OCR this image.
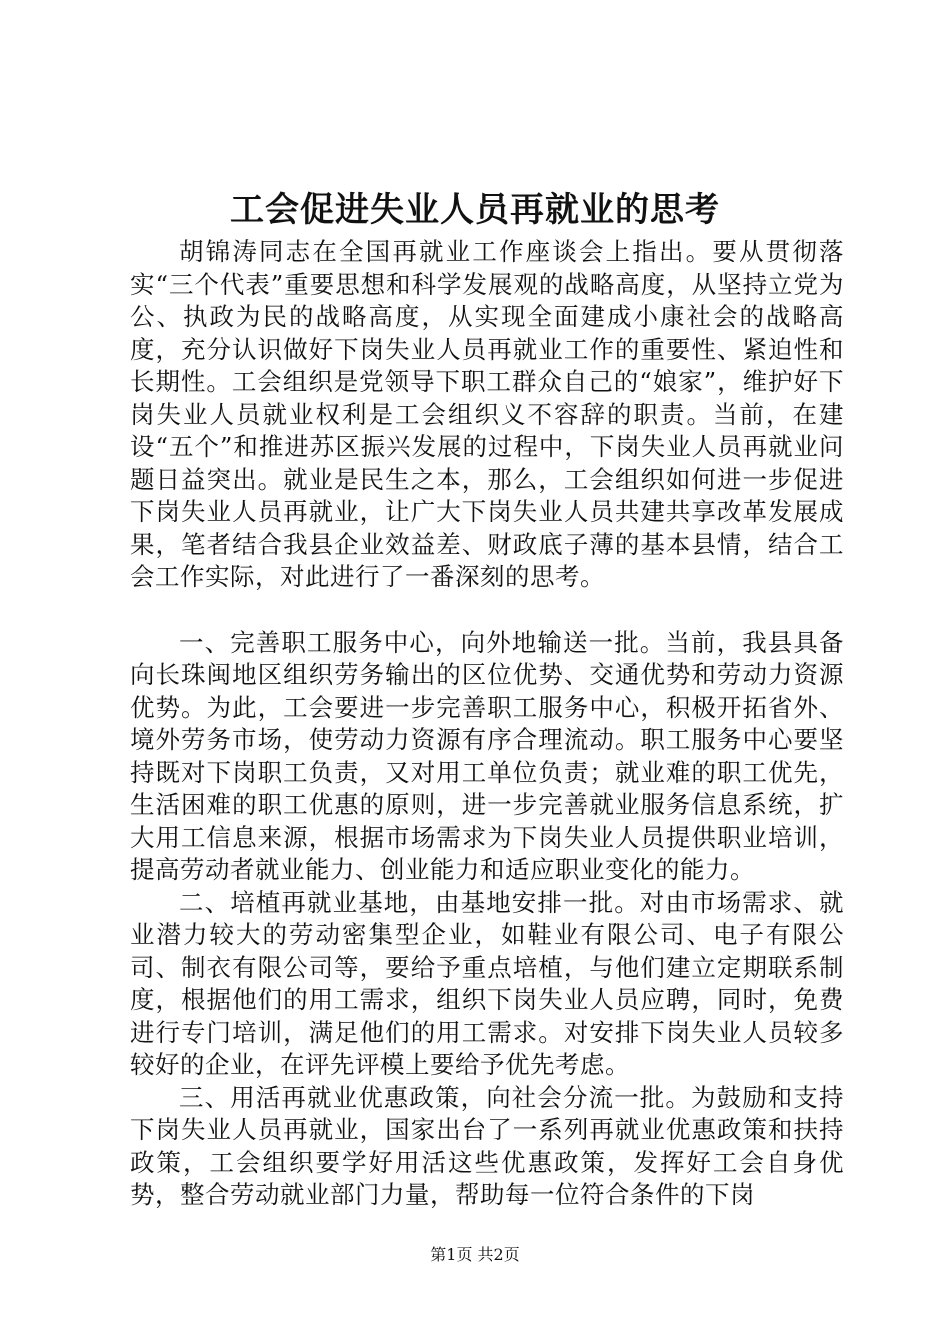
工会促进失业人员再就业的思考

胡锦涛同志在全国再就业工作座谈会上指出。要从贯彻落实“三个代表”重要思想和科学发展观的战略高度，从坚持立党为公、执政为民的战略高度，从实现全面建成小康社会的战略高度，充分认识做好下岗失业人员再就业工作的重要性、紧迫性和长期性。工会组织是党领导下职工群众自己的“娘家”，维护好下岗失业人员就业权利是工会组织义不容辞的职责。当前，在建设“五个”和推进苏区振兴发展的过程中，下岗失业人员再就业问题日益突出。就业是民生之本，那么，工会组织如何进一步促进下岗失业人员再就业，让广大下岗失业人员共建共享改革发展成果，笔者结合我县企业效益差、财政底子薄的基本县情，结合工会工作实际，对此进行了一番深刻的思考。

一、完善职工服务中心，向外地输送一批。当前，我县具备向长珠闽地区组织劳务输出的区位优势、交通优势和劳动力资源优势。为此，工会要进一步完善职工服务中心，积极开拓省外、境外劳务市场，使劳动力资源有序合理流动。职工服务中心要坚持既对下岗职工负责，又对用工单位负责；就业难的职工优先，生活困难的职工优惠的原则，进一步完善就业服务信息系统，扩大用工信息来源，根据市场需求为下岗失业人员提供职业培训，提高劳动者就业能力、创业能力和适应职业变化的能力。

二、培植再就业基地，由基地安排一批。对由市场需求、就业潜力较大的劳动密集型企业，如鞋业有限公司、电子有限公司、制衣有限公司等，要给予重点培植，与他们建立定期联系制度，根据他们的用工需求，组织下岗失业人员应聘，同时，免费进行专门培训，满足他们的用工需求。对安排下岗失业人员较多较好的企业，在评先评模上要给予优先考虑。

三、用活再就业优惠政策，向社会分流一批。为鼓励和支持下岗失业人员再就业，国家出台了一系列再就业优惠政策和扶持政策，工会组织要学好用活这些优惠政策，发挥好工会自身优势，整合劳动就业部门力量，帮助每一位符合条件的下岗

第1页 共2页
